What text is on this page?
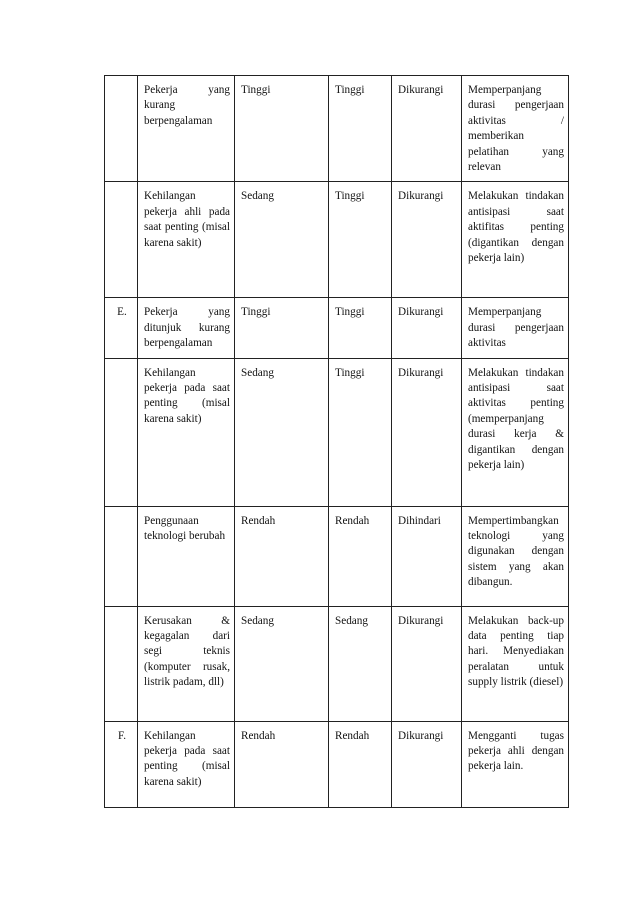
	Pekerja yang kurang berpengalaman	Tinggi	Tinggi	Dikurangi	Memperpanjang durasi pengerjaan aktivitas / memberikan pelatihan yang relevan
	Kehilangan pekerja ahli pada saat penting (misal karena sakit)	Sedang	Tinggi	Dikurangi	Melakukan tindakan antisipasi saat aktifitas penting (digantikan dengan pekerja lain)
E.	Pekerja yang ditunjuk kurang berpengalaman	Tinggi	Tinggi	Dikurangi	Memperpanjang durasi pengerjaan aktivitas
	Kehilangan pekerja pada saat penting (misal karena sakit)	Sedang	Tinggi	Dikurangi	Melakukan tindakan antisipasi saat aktivitas penting (memperpanjang durasi kerja & digantikan dengan pekerja lain)
	Penggunaan teknologi berubah	Rendah	Rendah	Dihindari	Mempertimbangkan teknologi yang digunakan dengan sistem yang akan dibangun.
	Kerusakan & kegagalan dari segi teknis (komputer rusak, listrik padam, dll)	Sedang	Sedang	Dikurangi	Melakukan back-up data penting tiap hari. Menyediakan peralatan untuk supply listrik (diesel)
F.	Kehilangan pekerja pada saat penting (misal karena sakit)	Rendah	Rendah	Dikurangi	Mengganti tugas pekerja ahli dengan pekerja lain.
